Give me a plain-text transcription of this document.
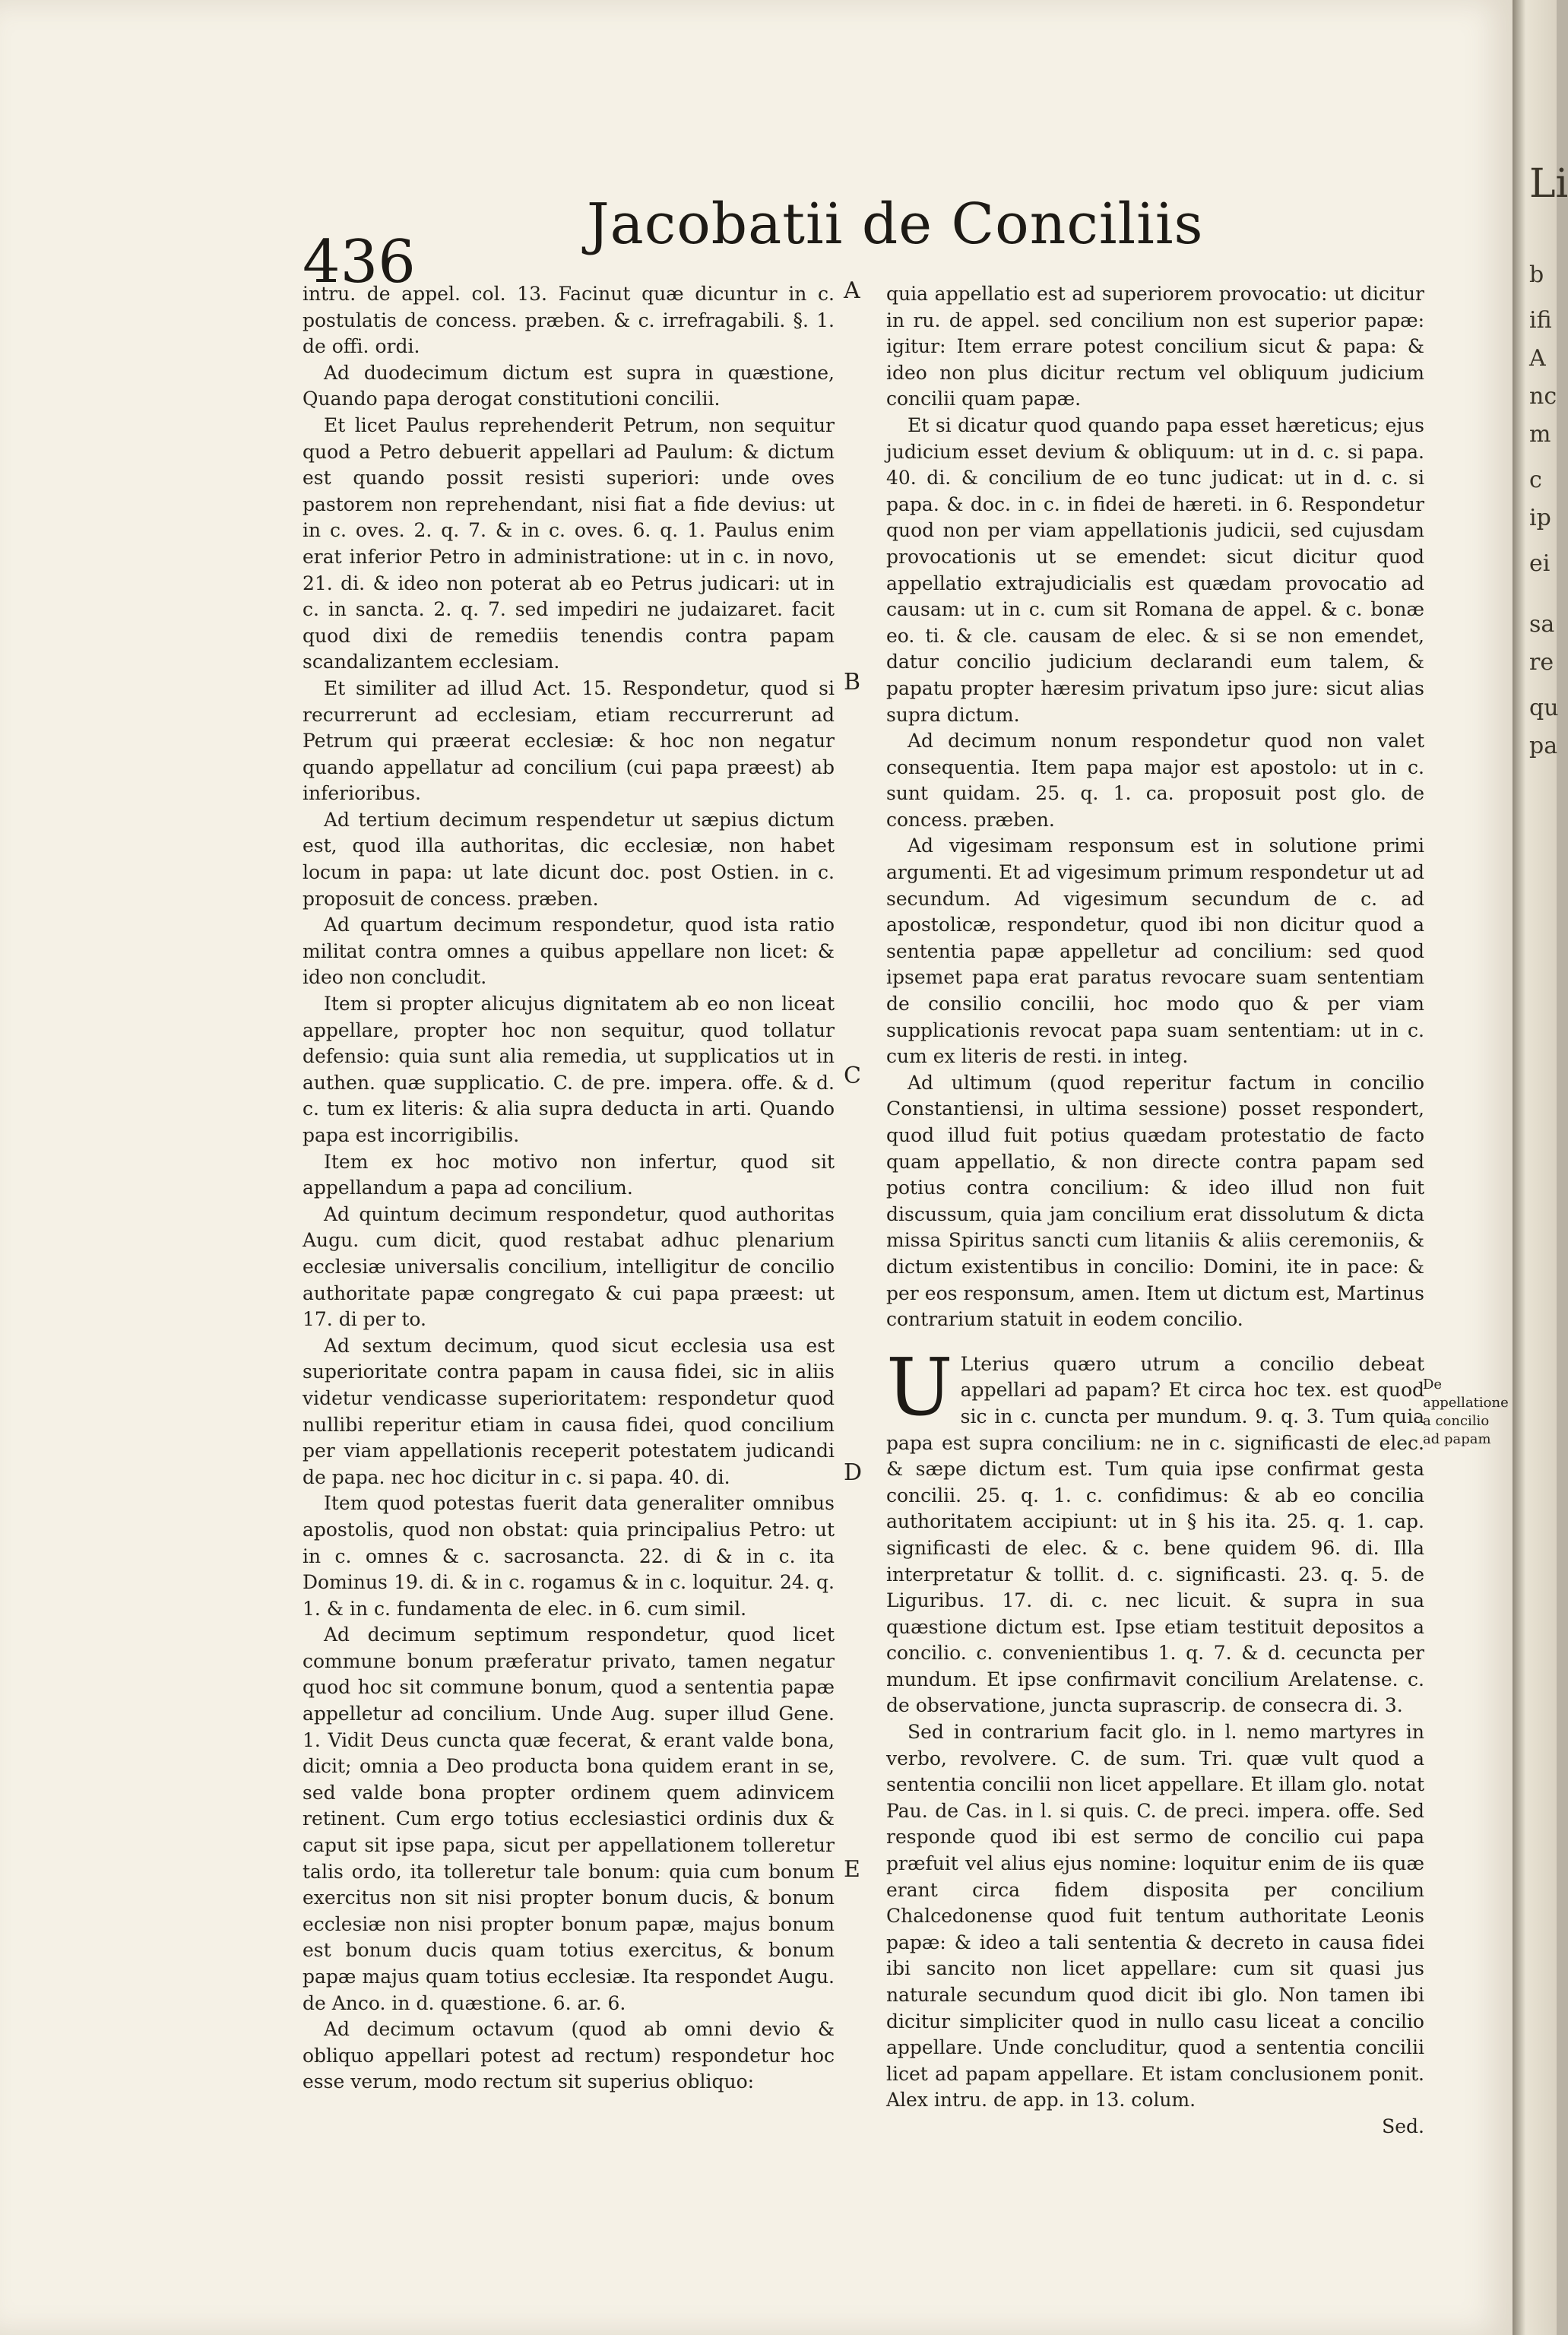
436
Jacobatii de Conciliis

intru. de appel. col. 13. Facinut quæ dicuntur in c. postulatis de concess. præben. & c. irrefragabili. §. 1. de offi. ordi.

Ad duodecimum dictum est supra in quæstione, Quando papa derogat constitutioni concilii.

Et licet Paulus reprehenderit Petrum, non sequitur quod a Petro debuerit appellari ad Paulum: & dictum est quando possit resisti superiori: unde oves pastorem non reprehendant, nisi fiat a fide devius: ut in c. oves. 2. q. 7. & in c. oves. 6. q. 1. Paulus enim erat inferior Petro in administratione: ut in c. in novo, 21. di. & ideo non poterat ab eo Petrus judicari: ut in c. in sancta. 2. q. 7. sed impediri ne judaizaret. facit quod dixi de remediis tenendis contra papam scandalizantem ecclesiam.

Et similiter ad illud Act. 15. Respondetur, quod si recurrerunt ad ecclesiam, etiam reccurrerunt ad Petrum qui præerat ecclesiæ: & hoc non negatur quando appellatur ad concilium (cui papa præest) ab inferioribus.

Ad tertium decimum respendetur ut sæpius dictum est, quod illa authoritas, dic ecclesiæ, non habet locum in papa: ut late dicunt doc. post Ostien. in c. proposuit de concess. præben.

Ad quartum decimum respondetur, quod ista ratio militat contra omnes a quibus appellare non licet: & ideo non concludit.

Item si propter alicujus dignitatem ab eo non liceat appellare, propter hoc non sequitur, quod tollatur defensio: quia sunt alia remedia, ut supplicatios ut in authen. quæ supplicatio. C. de pre. impera. offe. & d. c. tum ex literis: & alia supra deducta in arti. Quando papa est incorrigibilis.

Item ex hoc motivo non infertur, quod sit appellandum a papa ad concilium.

Ad quintum decimum respondetur, quod authoritas Augu. cum dicit, quod restabat adhuc plenarium ecclesiæ universalis concilium, intelligitur de concilio authoritate papæ congregato & cui papa præest: ut 17. di per to.

Ad sextum decimum, quod sicut ecclesia usa est superioritate contra papam in causa fidei, sic in aliis videtur vendicasse superioritatem: respondetur quod nullibi reperitur etiam in causa fidei, quod concilium per viam appellationis receperit potestatem judicandi de papa. nec hoc dicitur in c. si papa. 40. di.

Item quod potestas fuerit data generaliter omnibus apostolis, quod non obstat: quia principalius Petro: ut in c. omnes & c. sacrosancta. 22. di & in c. ita Dominus 19. di. & in c. rogamus & in c. loquitur. 24. q. 1. & in c. fundamenta de elec. in 6. cum simil.

Ad decimum septimum respondetur, quod licet commune bonum præferatur privato, tamen negatur quod hoc sit commune bonum, quod a sententia papæ appelletur ad concilium. Unde Aug. super illud Gene. 1. Vidit Deus cuncta quæ fecerat, & erant valde bona, dicit; omnia a Deo producta bona quidem erant in se, sed valde bona propter ordinem quem adinvicem retinent. Cum ergo totius ecclesiastici ordinis dux & caput sit ipse papa, sicut per appellationem tolleretur talis ordo, ita tolleretur tale bonum: quia cum bonum exercitus non sit nisi propter bonum ducis, & bonum ecclesiæ non nisi propter bonum papæ, majus bonum est bonum ducis quam totius exercitus, & bonum papæ majus quam totius ecclesiæ. Ita respondet Augu. de Anco. in d. quæstione. 6. ar. 6.

Ad decimum octavum (quod ab omni devio & obliquo appellari potest ad rectum) respondetur hoc esse verum, modo rectum sit superius obliquo:

A
B
C
D
E

quia appellatio est ad superiorem provocatio: ut dicitur in ru. de appel. sed concilium non est superior papæ: igitur: Item errare potest concilium sicut & papa: & ideo non plus dicitur rectum vel obliquum judicium concilii quam papæ.

Et si dicatur quod quando papa esset hæreticus; ejus judicium esset devium & obliquum: ut in d. c. si papa. 40. di. & concilium de eo tunc judicat: ut in d. c. si papa. & doc. in c. in fidei de hæreti. in 6. Respondetur quod non per viam appellationis judicii, sed cujusdam provocationis ut se emendet: sicut dicitur quod appellatio extrajudicialis est quædam provocatio ad causam: ut in c. cum sit Romana de appel. & c. bonæ eo. ti. & cle. causam de elec. & si se non emendet, datur concilio judicium declarandi eum talem, & papatu propter hæresim privatum ipso jure: sicut alias supra dictum.

Ad decimum nonum respondetur quod non valet consequentia. Item papa major est apostolo: ut in c. sunt quidam. 25. q. 1. ca. proposuit post glo. de concess. præben.

Ad vigesimam responsum est in solutione primi argumenti. Et ad vigesimum primum respondetur ut ad secundum. Ad vigesimum secundum de c. ad apostolicæ, respondetur, quod ibi non dicitur quod a sententia papæ appelletur ad concilium: sed quod ipsemet papa erat paratus revocare suam sententiam de consilio concilii, hoc modo quo & per viam supplicationis revocat papa suam sententiam: ut in c. cum ex literis de resti. in integ.

Ad ultimum (quod reperitur factum in concilio Constantiensi, in ultima sessione) posset respondert, quod illud fuit potius quædam protestatio de facto quam appellatio, & non directe contra papam sed potius contra concilium: & ideo illud non fuit discussum, quia jam concilium erat dissolutum & dicta missa Spiritus sancti cum litaniis & aliis ceremoniis, & dictum existentibus in concilio: Domini, ite in pace: & per eos responsum, amen. Item ut dictum est, Martinus contrarium statuit in eodem concilio.

U Lterius quæro utrum a concilio debeat appellari ad papam? Et circa hoc tex. est quod sic in c. cuncta per mundum. 9. q. 3. Tum quia papa est supra concilium: ne in c. significasti de elec. & sæpe dictum est. Tum quia ipse confirmat gesta concilii. 25. q. 1. c. confidimus: & ab eo concilia authoritatem accipiunt: ut in § his ita. 25. q. 1. cap. significasti de elec. & c. bene quidem 96. di. Illa interpretatur & tollit. d. c. significasti. 23. q. 5. de Liguribus. 17. di. c. nec licuit. & supra in sua quæstione dictum est. Ipse etiam testituit depositos a concilio. c. convenientibus 1. q. 7. & d. cecuncta per mundum. Et ipse confirmavit concilium Arelatense. c. de observatione, juncta suprascrip. de consecra di. 3.

Sed in contrarium facit glo. in l. nemo martyres in verbo, revolvere. C. de sum. Tri. quæ vult quod a sententia concilii non licet appellare. Et illam glo. notat Pau. de Cas. in l. si quis. C. de preci. impera. offe. Sed responde quod ibi est sermo de concilio cui papa præfuit vel alius ejus nomine: loquitur enim de iis quæ erant circa fidem disposita per concilium Chalcedonense quod fuit tentum authoritate Leonis papæ: & ideo a tali sententia & decreto in causa fidei ibi sancito non licet appellare: cum sit quasi jus naturale secundum quod dicit ibi glo. Non tamen ibi dicitur simpliciter quod in nullo casu liceat a concilio appellare. Unde concluditur, quod a sententia concilii licet ad papam appellare. Et istam conclusionem ponit. Alex intru. de app. in 13. colum.

Sed.

De appellatione a concilio ad papam
Li
b
ifi
A
nc
m
c
ip
ei
sa
re
qu
pa
